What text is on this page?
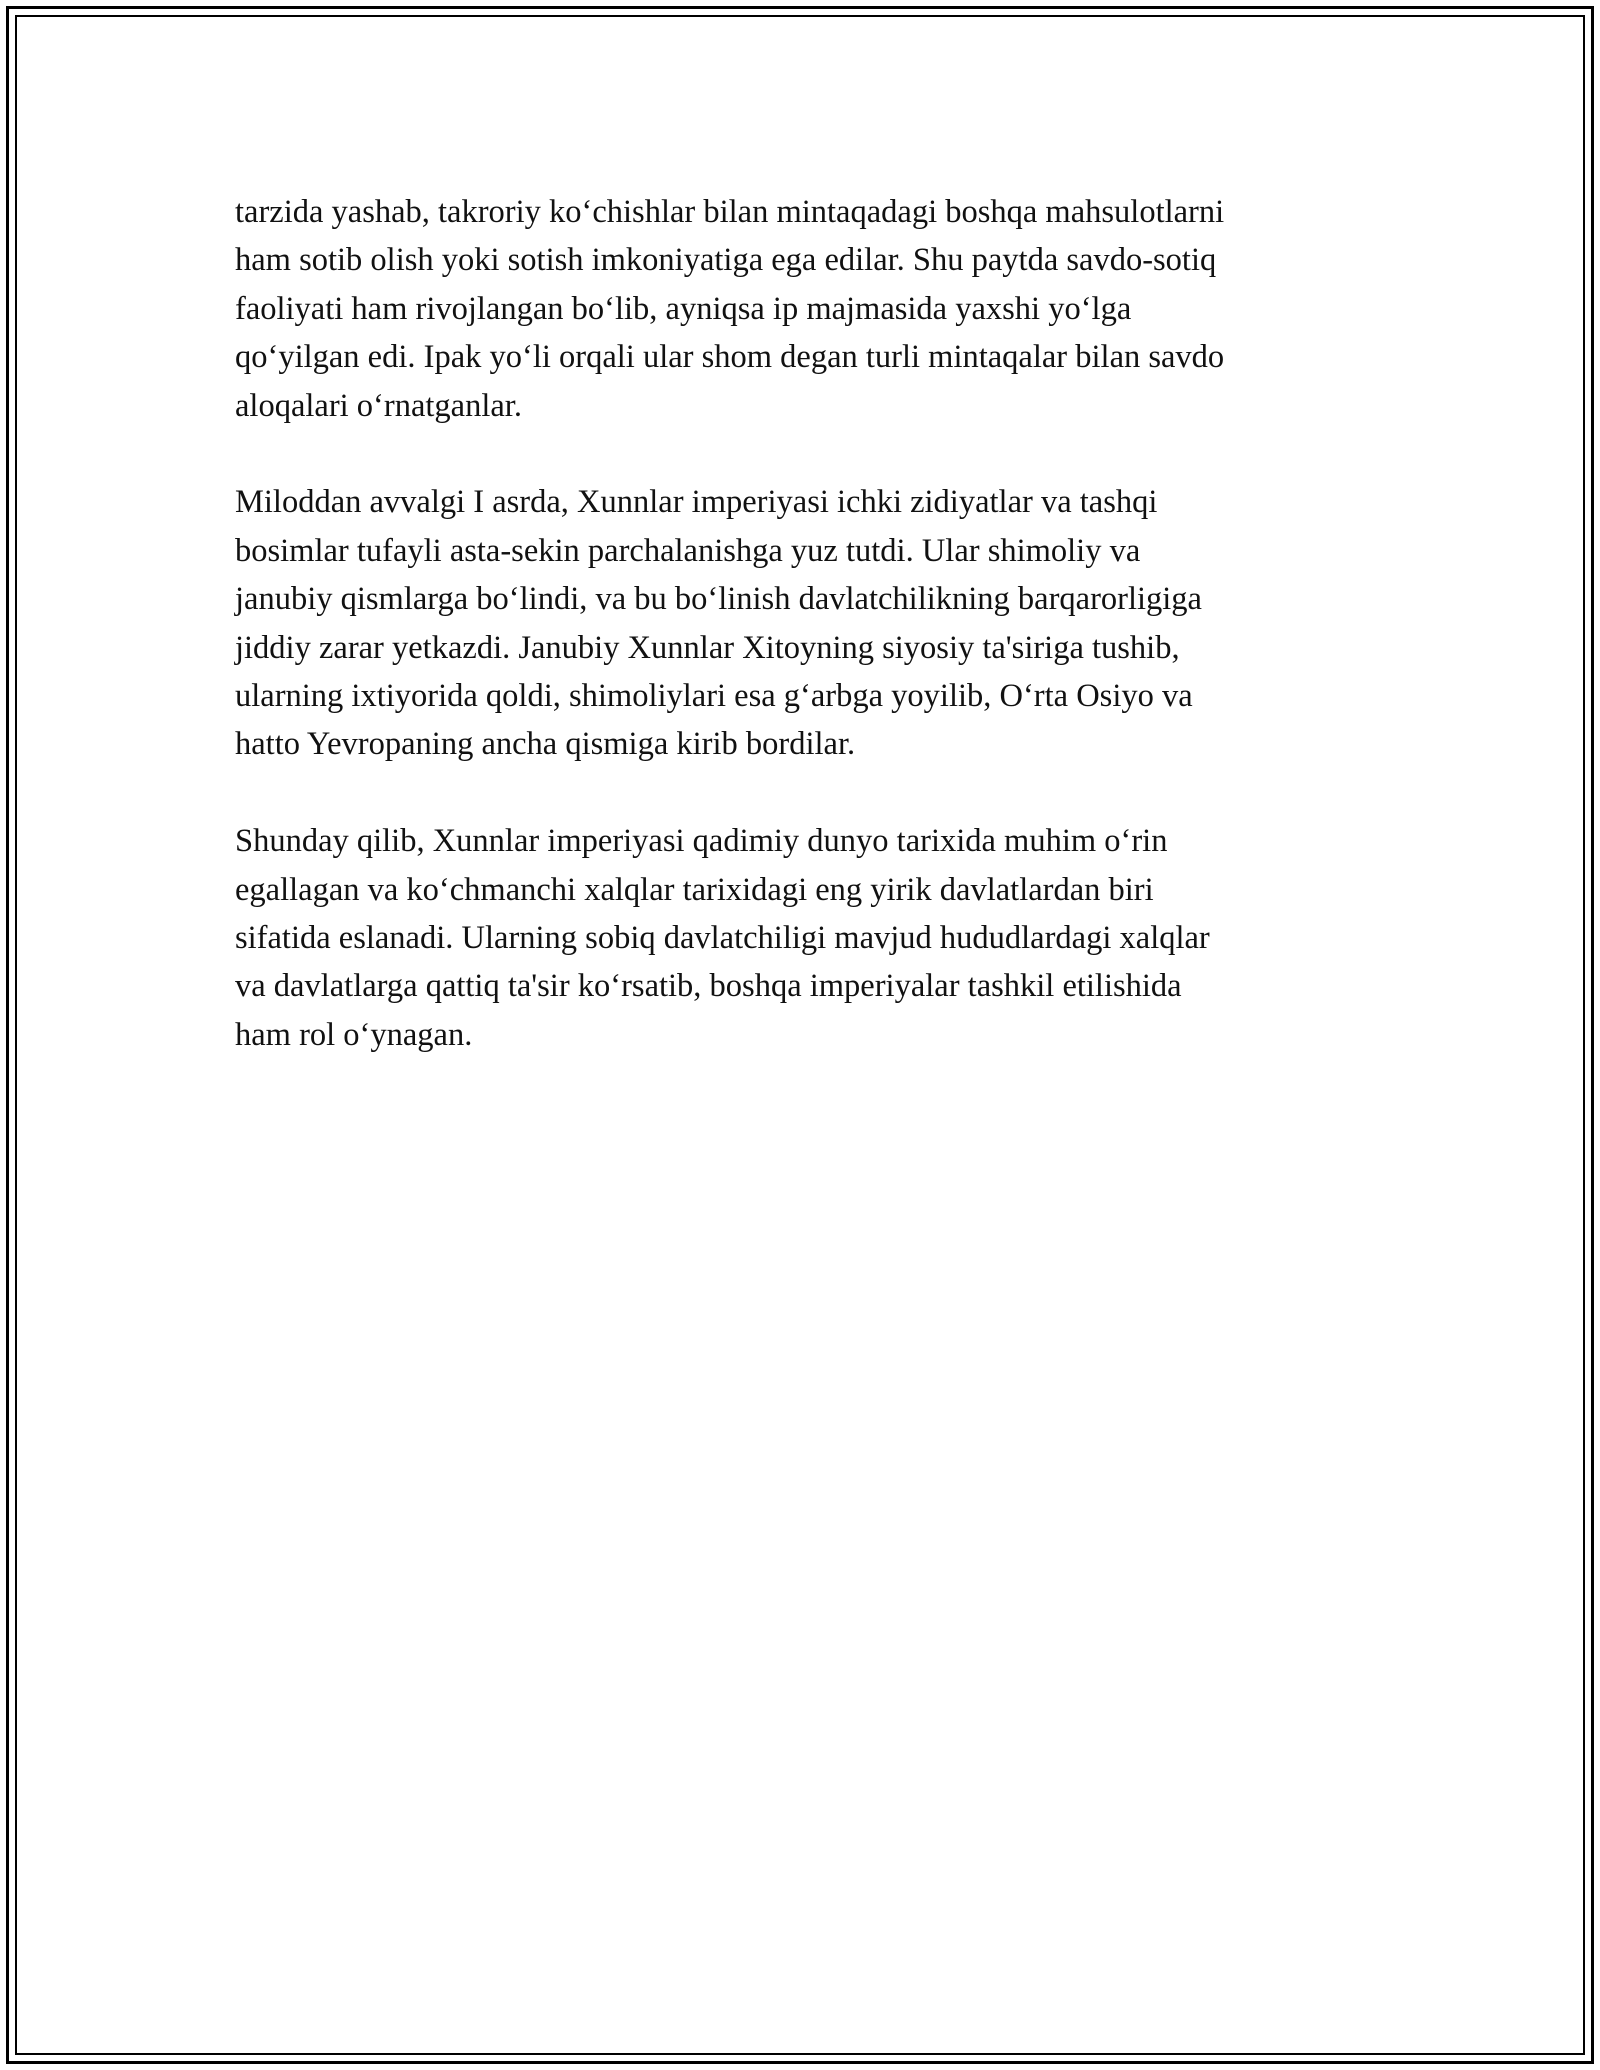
tarzida yashab, takroriy ko‘chishlar bilan mintaqadagi boshqa mahsulotlarni
ham sotib olish yoki sotish imkoniyatiga ega edilar. Shu paytda savdo-sotiq
faoliyati ham rivojlangan bo‘lib, ayniqsa ip majmasida yaxshi yo‘lga
qo‘yilgan edi. Ipak yo‘li orqali ular shom degan turli mintaqalar bilan savdo
aloqalari o‘rnatganlar.

Miloddan avvalgi I asrda, Xunnlar imperiyasi ichki zidiyatlar va tashqi
bosimlar tufayli asta-sekin parchalanishga yuz tutdi. Ular shimoliy va
janubiy qismlarga bo‘lindi, va bu bo‘linish davlatchilikning barqarorligiga
jiddiy zarar yetkazdi. Janubiy Xunnlar Xitoyning siyosiy ta'siriga tushib,
ularning ixtiyorida qoldi, shimoliylari esa g‘arbga yoyilib, O‘rta Osiyo va
hatto Yevropaning ancha qismiga kirib bordilar.

Shunday qilib, Xunnlar imperiyasi qadimiy dunyo tarixida muhim o‘rin
egallagan va ko‘chmanchi xalqlar tarixidagi eng yirik davlatlardan biri
sifatida eslanadi. Ularning sobiq davlatchiligi mavjud hududlardagi xalqlar
va davlatlarga qattiq ta'sir ko‘rsatib, boshqa imperiyalar tashkil etilishida
ham rol o‘ynagan.
